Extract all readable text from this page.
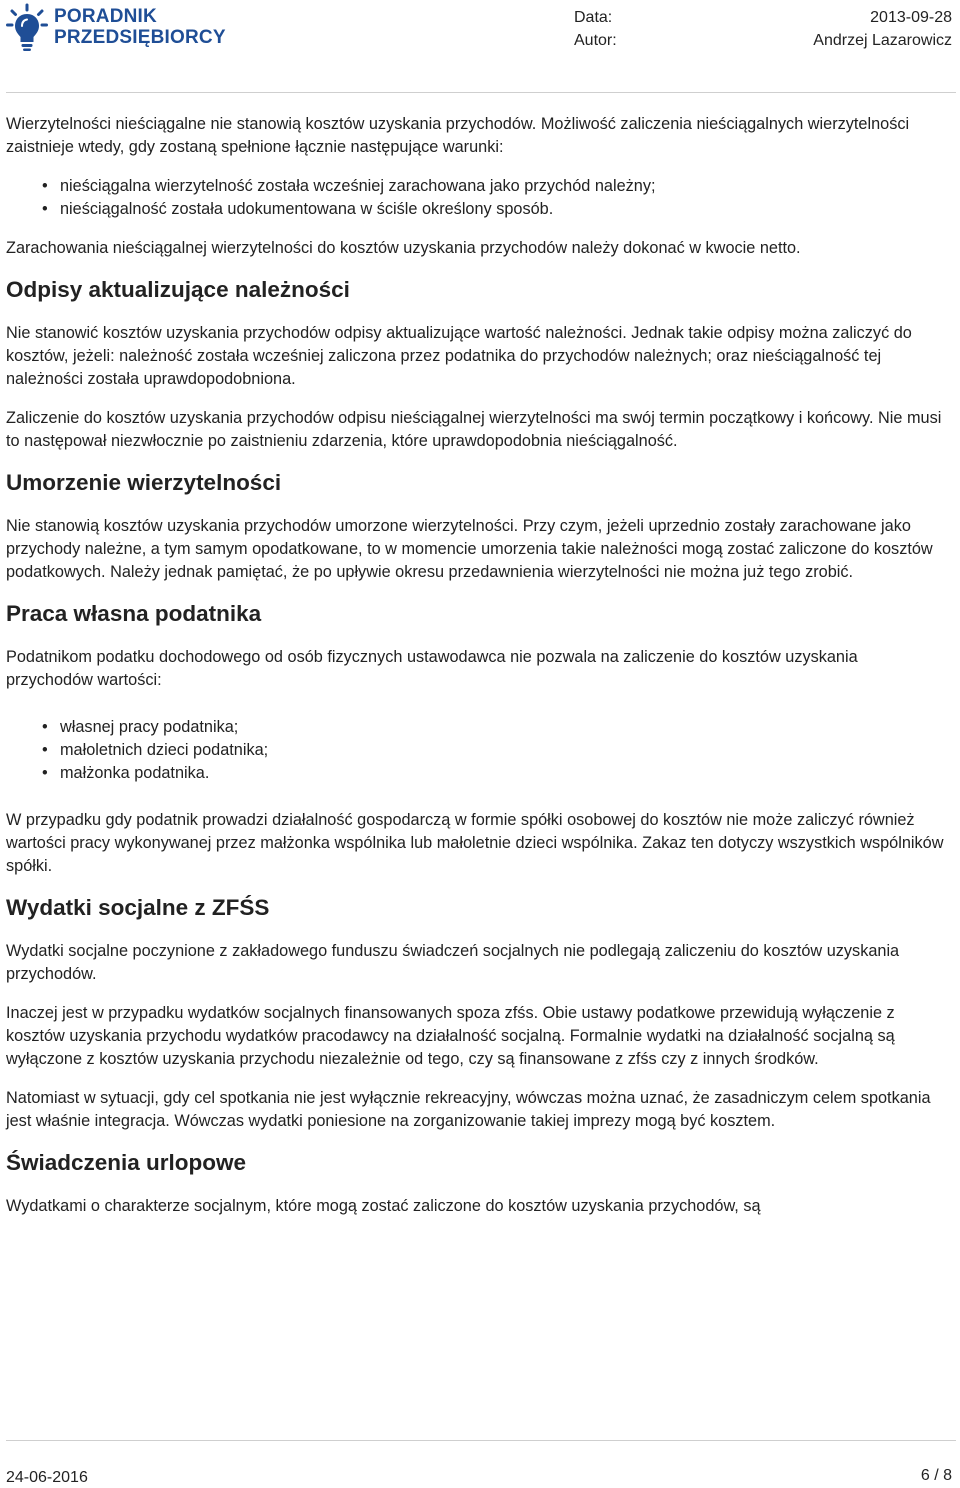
PORADNIK
PRZEDSIĘBIORCY
Data:
Autor:
2013-09-28
Andrzej Lazarowicz

Wierzytelności nieściągalne nie stanowią kosztów uzyskania przychodów. Możliwość zaliczenia nieściągalnych wierzytelności zaistnieje wtedy, gdy zostaną spełnione łącznie następujące warunki:

• nieściągalna wierzytelność została wcześniej zarachowana jako przychód należny;
• nieściągalność została udokumentowana w ściśle określony sposób.

Zarachowania nieściągalnej wierzytelności do kosztów uzyskania przychodów należy dokonać w kwocie netto.

Odpisy aktualizujące należności

Nie stanowić kosztów uzyskania przychodów odpisy aktualizujące wartość należności. Jednak takie odpisy można zaliczyć do kosztów, jeżeli: należność została wcześniej zaliczona przez podatnika do przychodów należnych; oraz nieściągalność tej należności została uprawdopodobniona.

Zaliczenie do kosztów uzyskania przychodów odpisu nieściągalnej wierzytelności ma swój termin początkowy i końcowy. Nie musi to następował niezwłocznie po zaistnieniu zdarzenia, które uprawdopodobnia nieściągalność.

Umorzenie wierzytelności

Nie stanowią kosztów uzyskania przychodów umorzone wierzytelności. Przy czym, jeżeli uprzednio zostały zarachowane jako przychody należne, a tym samym opodatkowane, to w momencie umorzenia takie należności mogą zostać zaliczone do kosztów podatkowych. Należy jednak pamiętać, że po upływie okresu przedawnienia wierzytelności nie można już tego zrobić.

Praca własna podatnika

Podatnikom podatku dochodowego od osób fizycznych ustawodawca nie pozwala na zaliczenie do kosztów uzyskania przychodów wartości:

• własnej pracy podatnika;
• małoletnich dzieci podatnika;
• małżonka podatnika.

W przypadku gdy podatnik prowadzi działalność gospodarczą w formie spółki osobowej do kosztów nie może zaliczyć również wartości pracy wykonywanej przez małżonka wspólnika lub małoletnie dzieci wspólnika. Zakaz ten dotyczy wszystkich wspólników spółki.

Wydatki socjalne z ZFŚS

Wydatki socjalne poczynione z zakładowego funduszu świadczeń socjalnych nie podlegają zaliczeniu do kosztów uzyskania przychodów.

Inaczej jest w przypadku wydatków socjalnych finansowanych spoza zfśs. Obie ustawy podatkowe przewidują wyłączenie z kosztów uzyskania przychodu wydatków pracodawcy na działalność socjalną. Formalnie wydatki na działalność socjalną są wyłączone z kosztów uzyskania przychodu niezależnie od tego, czy są finansowane z zfśs czy z innych środków.

Natomiast w sytuacji, gdy cel spotkania nie jest wyłącznie rekreacyjny, wówczas można uznać, że zasadniczym celem spotkania jest właśnie integracja. Wówczas wydatki poniesione na zorganizowanie takiej imprezy mogą być kosztem.

Świadczenia urlopowe

Wydatkami o charakterze socjalnym, które mogą zostać zaliczone do kosztów uzyskania przychodów, są

24-06-2016	6 / 8
